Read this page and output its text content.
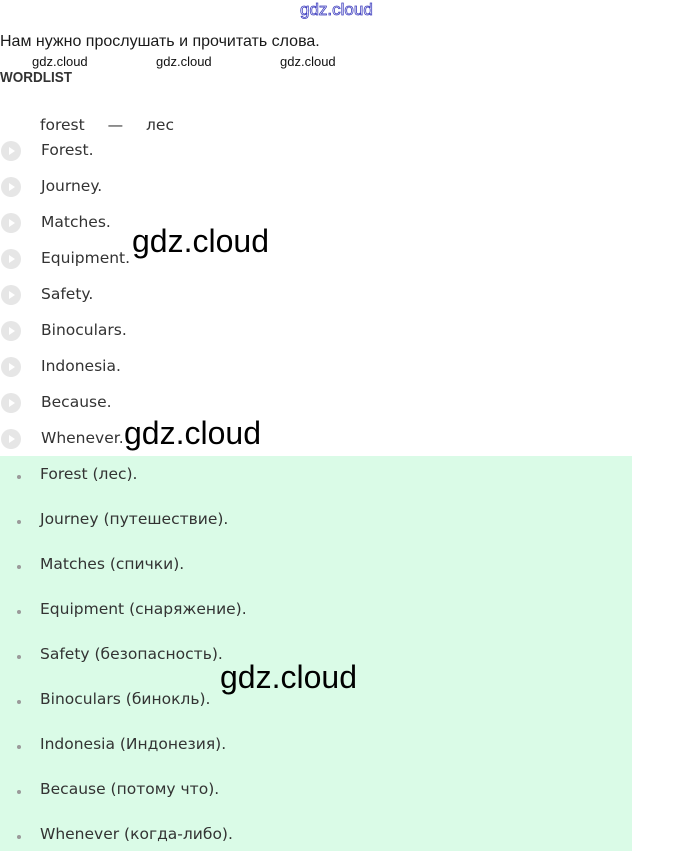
gdz.cloud
Нам нужно прослушать и прочитать слова.
gdz.cloud	gdz.cloud	gdz.cloud
WORDLIST
forest — лес
Forest.
Journey.
Matches.
Equipment.
Safety.
Binoculars.
Indonesia.
Because.
Whenever.
Forest (лес).
Journey (путешествие).
Matches (спички).
Equipment (снаряжение).
Safety (безопасность).
Binoculars (бинокль).
Indonesia (Индонезия).
Because (потому что).
Whenever (когда-либо).
gdz.cloud
gdz.cloud
gdz.cloud
